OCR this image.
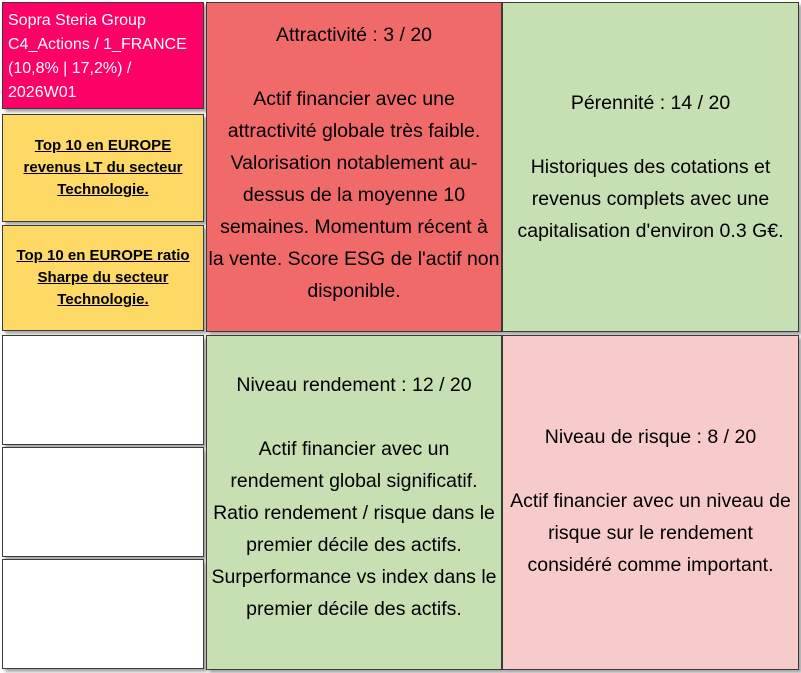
Sopra Steria Group
C4_Actions / 1_FRANCE
(10,8% | 17,2%) / 2026W01
Top 10 en EUROPE revenus LT du secteur Technologie.
Top 10 en EUROPE ratio Sharpe du secteur Technologie.
Attractivité : 3 / 20
Actif financier avec une
attractivité globale très faible.
Valorisation notablement au-
dessus de la moyenne 10
semaines. Momentum récent à
la vente. Score ESG de l'actif non
disponible.
Pérennité : 14 / 20
Historiques des cotations et
revenus complets avec une
capitalisation d'environ 0.3 G€.
Niveau rendement : 12 / 20
Actif financier avec un
rendement global significatif.
Ratio rendement / risque dans le
premier décile des actifs.
Surperformance vs index dans le
premier décile des actifs.
Niveau de risque : 8 / 20
Actif financier avec un niveau de
risque sur le rendement
considéré comme important.
